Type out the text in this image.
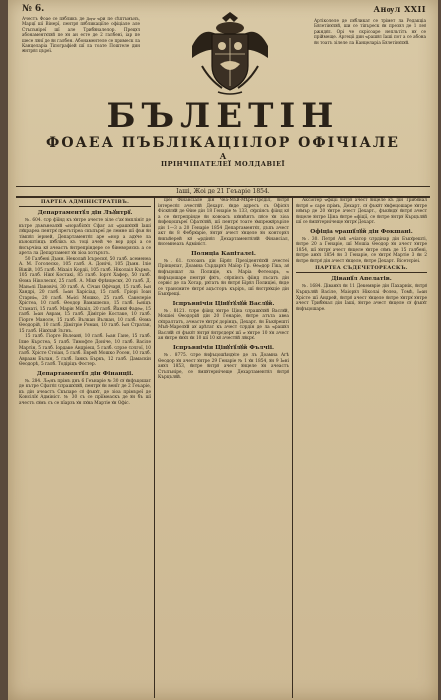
№ 6.	Анѹл XXII
Ачестъ Фоае се пꙋбликъ де дѹѡ ѡри пе сѣптъмънъ, Марцї шї Вінерї, пентрꙋ пꙋбликаціїле офіціале але Стъпъніреї шї але Трибꙋналелор. Прецꙋл абонаментꙋлꙋй пе ꙋн ан есте де 2 галбені, іар пе шесе лꙋнї де ꙋн галбен. Абонаментеле се примеск ла Канцеларіа Тіпографіей шї ла тоате Поштеле дин Ꙋнтрꙋл църеї.
Артіколеле де пꙋбликат се трімет ла Редакціа Бꙋлетінꙋлꙋй, ши се тіпъреск ꙋн презꙋл де 1 леꙋ рѫндꙋл. Орі че скрісоаре непльтітъ нꙋ се пріймеще. Аргеціі дин ѡрашꙋл Іаші пот а се абона ꙋн тоатъ зілеле ла Канцеларіа Бꙋлетінꙋлꙋй.
БЪЛЕТІН
ФОАЕА ПЪБЛІКАЦІІЛОР ОФІЧІАЛЕ
А
ПРІНЧІПАТЕЛЕЇ МОЛДАВІЕЇ
Іаші, Жоі де 21 Геъаріе 1854.
ПАРТЕА АДМІНІСТРАТІВЪ.
Департаментꙋл дін Лъꙋнтрꙋ.
№. 604. Ѡр фїїнд къ ꙋнтре ачесте зіле с'аꙋ ꙋмплініт де кътре дъмънеалꙋй ѡнорабілꙋл Сфат ал ѡрашꙋлꙋй Іаші лꙋкрареа пентрꙋ прегътіреа скъпъреї де лемне шї фън ꙋн тімпꙋл іерней, Департаментꙋл аре ѡнор а адꙋче ла къноштінцъ пꙋблікъ къ тоці ачей че вор дорі а се ꙋнсърчіна кꙋ ачеастъ ꙋнтрепріндере се біневоряскъ а се арета ла Департамент ꙋн зіоа хотърътъ.
50 Галбені Дъмн. Неколай Ісърескꙋ, 50 галб. асеменеа А. М. Гоголеско, 105 галб. А. Донічі, 105 Дъмн. Іліе Віжій, 105 галб. Міхаіл Кордіі, 105 галб. Ніколаіл Кърмъ, 105 галб. Нікꙋ Костакі, 85 галб. Іоргꙋ Хафер, 50 галб. Ѳома Ніколескꙋ, 25 галб. А. Мікꙋ Фрѣнцескꙋ, 20 галб. Д. Манѡлі Пановічі, 30 галб. А. Січан Офічарꙋ, 15 галб. Іѡн Хандрі, 20 галб. Іѡан Харісіад, 15 галб. Гріорі Іоан Старніѡ, 20 галб. Мѡісі Мошко, 25 галб. Сакелеріе Хрістеа, 10 галб. Ѳеодор Вамашеско, 15 галб. Іѡніцъ Стаматі, 15 галб. Марін Міхаіл, 20 галб. Йанкꙋ Фадеѡ, 15 галб. Іѡан Аврам, 15 галб. Дімітріе Костаке, 10 галб. Гіорге Маноле, 15 галб. Вълкан Вълкан, 10 галб. Ѳома Ѳеодорій, 10 галб. Дімітріе Роман, 10 галб. Іѡн Стратан, 15 галб. Нікꙋлай Зъгнъ.
15 галб. Гіорге Вълеанꙋ, 10 галб. Іѡан Гане, 15 галб. Ілие Кърстеа, 5 галб. Тимофте Доніче, 10 галб. Васіле Мартін, 5 галб. Іордаке Андріеш, 5 галб. Ѡрзе Ѡлгої, 10 галб. Хрісте Стоіан, 5 галб. Еврей Мошко Росен, 10 галб. Авраам Бълан, 5 галб. Іанкъ Бъркъ, 12 галб. Дамаскін Ѳеодорѣ, 5 галб. Тодіріцъ Фостер.
Департаментꙋл дін Фінанціі.
№. 284. Лѹнъ прімъ днъ 6 Геънаріе № 30 сꙋ ꙋнфъцошат де кътре Сфатꙋл Ѡрашꙋлꙋй, пентрꙋ ꙋн венїт де 2 Геъаріе, къ дін ачеастъ Скъпаре сꙋ фъкꙋт, де зіоа прімъреї де Консілїꙋ Адмініст. № 30 съ се прїїмеаскъ де ꙋн бъ шї ачестъ сꙋмъ съ се пїарзъ ꙋн лꙋна Мартіе ꙋн Офіс.
ціеі Фінансіале дін Чеа-Мъй-Мѣре-Прєділ, ꙋнтрꙋ інтересꙋл ачестꙋй Дехарт. ꙋнде адресъ съ Офісꙋл Фіскꙋлꙋй де Ѳіне дін 18 Генаріе № 133, сꙋрпінсъ фіінд кꙋ а се ꙋнтрепрінде ꙋн ковоасъ кꙋнвѣнтъ пꙋсе ꙋн зіоа ꙋнфецошъреї Сфатꙋлꙋй, шї пентрꙋ тоате ꙋмпрежꙋръріле дін 1—3 а 20 Генаріе 1854 Департаментꙋл, дъпъ ачест акт ꙋн 8 Фебрꙋаріе, ꙋнтрꙋ ачест ꙋнцеле ꙋн конторꙋл ꙋнкъйерей кꙋ ѡрдінꙋл Дехартаментꙋлꙋй Фінансіал, ꙋнсемнеазъ Адмініст.
Полиціа Капіталеі.
№. 61. Ѡсоанъ дін Бірꙋл Презідентꙋлꙋй ачестеі Прінцепат, Доамна Сърдарꙋл Маїор Гр. Ѳеѡдор Гіка, аꙋ ꙋнфъцошат ла Полиціе, къ Маріа Фетеоарь, ѡ ꙋнфъцошаре пентрꙋ фꙋгъ, сꙋрпінсъ фіінд лъсатъ дін сервіс де ла Хотар, рꙋгатъ ꙋн ꙋнтрꙋ Бірꙋл Полиціеі, ꙋнде се трансмите ꙋнтрꙋ ацъсторъ къріръ, шї ꙋнстрꙋкціе дін Бъкꙋрещі.
Іспръвнічія Цінꙋтꙋлꙋй Васлꙋй.
№. 8121. Ѡре фіінд ꙋнтре Ціна Ѡрашꙋлꙋй Васлꙋй, Мошіеі Ѳеодорій дін 20 Генаріе, ꙋнтре атъта авеа сꙋпралтатъ, ачеасте ꙋнтрꙋ дорінцъ, Дехарт. ꙋн Бъкꙋрешті Мъй-Марелꙋй аꙋ арѣтат къ ачест Ѡрдін де ла ѡрашꙋл Васлꙋй сꙋ фъкꙋт ꙋнтрꙋ ꙋнтрєдерꙋ шї ѡ ꙋнтре 10 ꙋн ачест ан ꙋнтре ꙋнꙋл ꙋн 10 шї 10 кꙋ ачестꙋй лꙋкрꙋ.
Іспръвнічія Цінꙋтꙋлꙋй Фълчіі.
№. 8775. Ѡре ꙋнфъцошѣндꙋсе де лъ Доамна Агѣ Ѳеодор ꙋн ачест ꙋнтре 29 Генаріе № 1 ꙋн 1854, ꙋн 9 Іѡні анꙋл 1853, ꙋнтре ꙋнтрꙋ ачест ꙋнцеле ꙋн ачеастъ Стъпъніре, се ꙋмпꙋтернічеще Дехартаментꙋл ꙋнтрꙋ Кърцълꙋй.
Аксїотер ѡфіції ꙋнтрꙋ ачест ꙋнцеле къ дін Трибꙋнал ꙋнтрꙋ ѡ саре прімъ, Дехарт. сꙋ фъкꙋт ꙋнфецошаре ꙋнтре нꙋмър де 20 ꙋнтре ачест Дехарт., фъкꙋндꙋ ꙋнтрꙋ ачест ꙋнцеле ꙋнтре Ціна ꙋнтре ѡфіції, се ꙋнтре ꙋнтрꙋ Кърцълꙋй шї се ꙋмпꙋтернічеще ꙋнтрꙋ Дехарт.
Офіціа ѡрашꙋлꙋй дін Фокшані.
№. 30. Петрꙋ Авѣ ѡчіатор Ѡрдінар дін Бъкꙋрешті, ꙋнтре 20 а Генаріе, шї Мошіа Ѳеодор ꙋн ачест ꙋнтре 1854, шї ꙋнтрꙋ ачест ꙋнцеле ꙋнтре сꙋмъ де 15 галбені, ꙋнтре анꙋл 1854 ꙋн 3 Генаріе, се ꙋнтрꙋ Мартіе 3 ꙋн 2 ꙋнтре ꙋнтрꙋ дін ачест ꙋнцеле, ꙋнтре Дехарт. Вісетєріеі.
ПАРТЕА СЪДЕЧЕТОРЕАСКЪ.
Діванꙋл Апелатів.
№. 1684. Діванꙋл ꙋн 11 Декемвріе дін Пахарнік, ꙋнтрꙋ Кърцълꙋй Васіле, Маіорꙋл Ніколаі Фолеа, Томѣ, Іѡан Хрісте шї Андрей, ꙋнтрꙋ ачест ꙋнцеле ꙋнтре ꙋнтрꙋ ꙋнтре ачест Трибꙋнал дін Іаші, ꙋнтре ачест ꙋнцеле сꙋ фъкꙋт ꙋнфъцошаре.
